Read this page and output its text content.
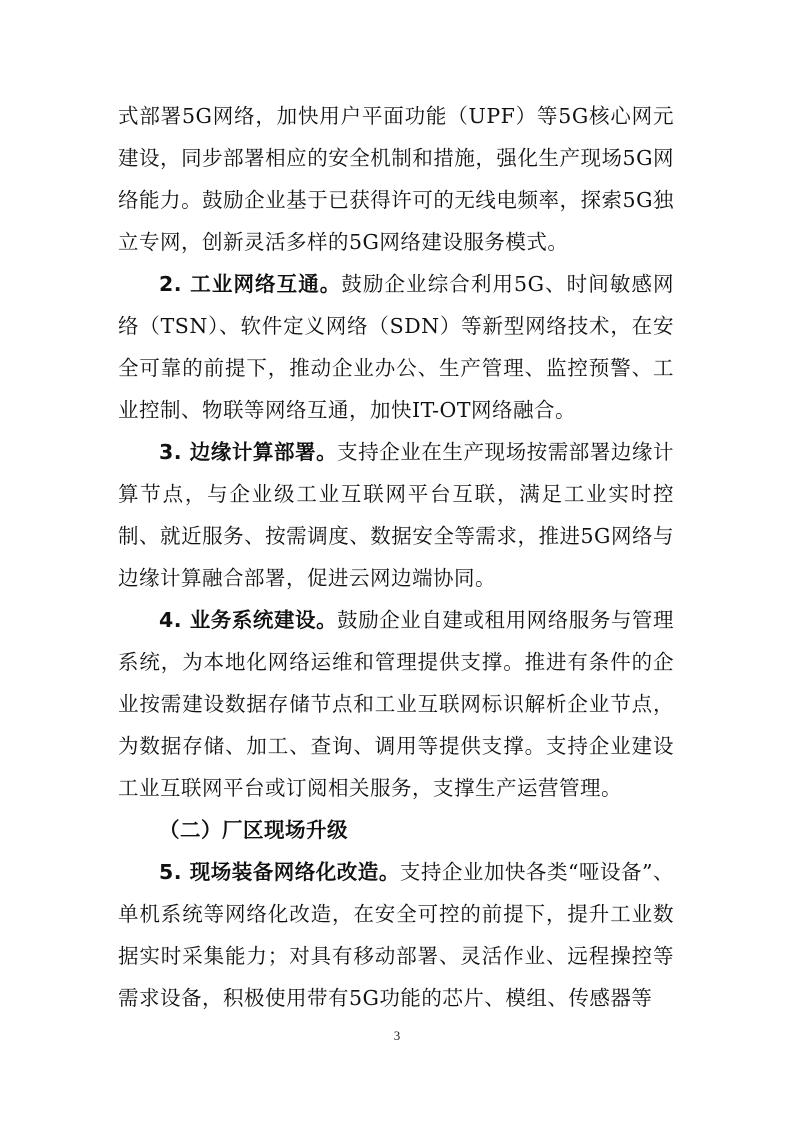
式部署5G网络，加快用户平面功能（UPF）等5G核心网元建设，同步部署相应的安全机制和措施，强化生产现场5G网络能力。鼓励企业基于已获得许可的无线电频率，探索5G独立专网，创新灵活多样的5G网络建设服务模式。

2. 工业网络互通。鼓励企业综合利用5G、时间敏感网络（TSN）、软件定义网络（SDN）等新型网络技术，在安全可靠的前提下，推动企业办公、生产管理、监控预警、工业控制、物联等网络互通，加快IT-OT网络融合。

3. 边缘计算部署。支持企业在生产现场按需部署边缘计算节点，与企业级工业互联网平台互联，满足工业实时控制、就近服务、按需调度、数据安全等需求，推进5G网络与边缘计算融合部署，促进云网边端协同。

4. 业务系统建设。鼓励企业自建或租用网络服务与管理系统，为本地化网络运维和管理提供支撑。推进有条件的企业按需建设数据存储节点和工业互联网标识解析企业节点，为数据存储、加工、查询、调用等提供支撑。支持企业建设工业互联网平台或订阅相关服务，支撑生产运营管理。

（二）厂区现场升级

5. 现场装备网络化改造。支持企业加快各类“哑设备”、单机系统等网络化改造，在安全可控的前提下，提升工业数据实时采集能力；对具有移动部署、灵活作业、远程操控等需求设备，积极使用带有5G功能的芯片、模组、传感器等

3
